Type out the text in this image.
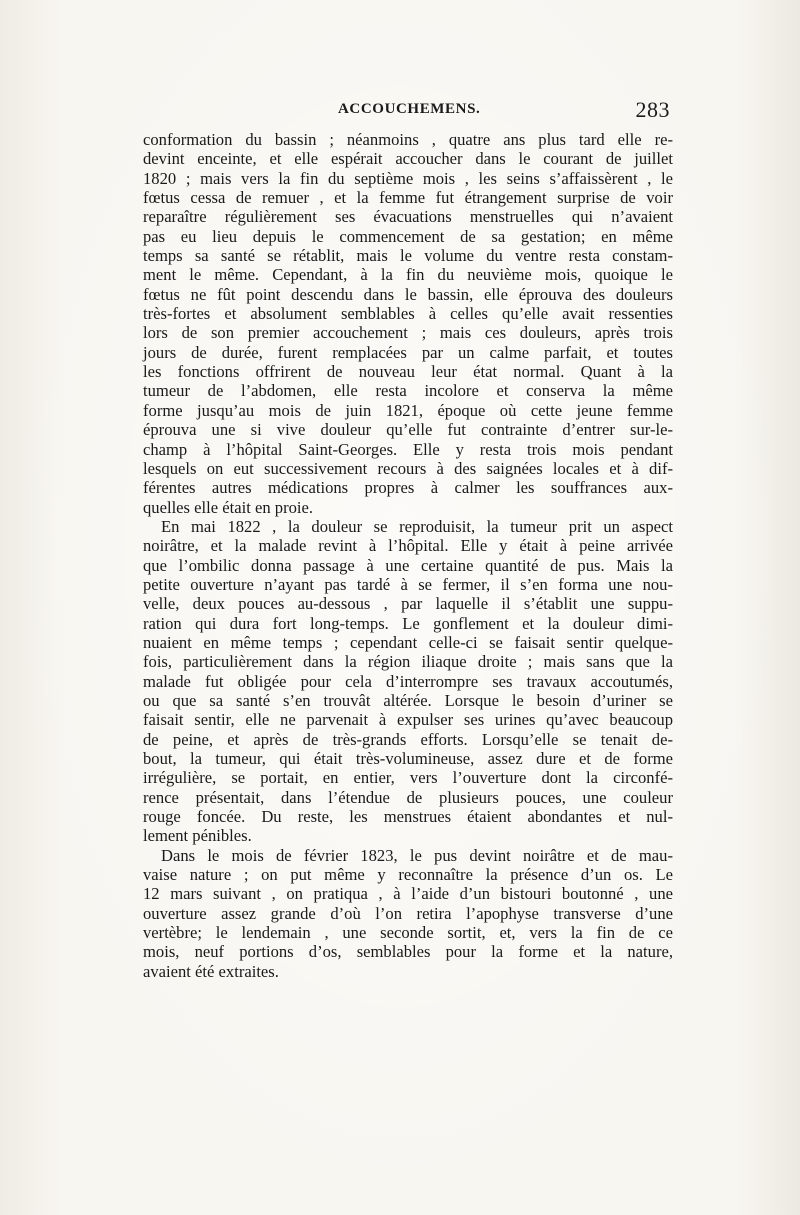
ACCOUCHEMENS.	283
conformation du bassin ; néanmoins , quatre ans plus tard elle re-
devint enceinte, et elle espérait accoucher dans le courant de juillet
1820 ; mais vers la fin du septième mois , les seins s’affaissèrent , le
fœtus cessa de remuer , et la femme fut étrangement surprise de voir
reparaître régulièrement ses évacuations menstruelles qui n’avaient
pas eu lieu depuis le commencement de sa gestation; en même
temps sa santé se rétablit, mais le volume du ventre resta constam-
ment le même. Cependant, à la fin du neuvième mois, quoique le
fœtus ne fût point descendu dans le bassin, elle éprouva des douleurs
très-fortes et absolument semblables à celles qu’elle avait ressenties
lors de son premier accouchement ; mais ces douleurs, après trois
jours de durée, furent remplacées par un calme parfait, et toutes
les fonctions offrirent de nouveau leur état normal. Quant à la
tumeur de l’abdomen, elle resta incolore et conserva la même
forme jusqu’au mois de juin 1821, époque où cette jeune femme
éprouva une si vive douleur qu’elle fut contrainte d’entrer sur-le-
champ à l’hôpital Saint-Georges. Elle y resta trois mois pendant
lesquels on eut successivement recours à des saignées locales et à dif-
férentes autres médications propres à calmer les souffrances aux-
quelles elle était en proie.
En mai 1822 , la douleur se reproduisit, la tumeur prit un aspect
noirâtre, et la malade revint à l’hôpital. Elle y était à peine arrivée
que l’ombilic donna passage à une certaine quantité de pus. Mais la
petite ouverture n’ayant pas tardé à se fermer, il s’en forma une nou-
velle, deux pouces au-dessous , par laquelle il s’établit une suppu-
ration qui dura fort long-temps. Le gonflement et la douleur dimi-
nuaient en même temps ; cependant celle-ci se faisait sentir quelque-
fois, particulièrement dans la région iliaque droite ; mais sans que la
malade fut obligée pour cela d’interrompre ses travaux accoutumés,
ou que sa santé s’en trouvât altérée. Lorsque le besoin d’uriner se
faisait sentir, elle ne parvenait à expulser ses urines qu’avec beaucoup
de peine, et après de très-grands efforts. Lorsqu’elle se tenait de-
bout, la tumeur, qui était très-volumineuse, assez dure et de forme
irrégulière, se portait, en entier, vers l’ouverture dont la circonfé-
rence présentait, dans l’étendue de plusieurs pouces, une couleur
rouge foncée. Du reste, les menstrues étaient abondantes et nul-
lement pénibles.
Dans le mois de février 1823, le pus devint noirâtre et de mau-
vaise nature ; on put même y reconnaître la présence d’un os. Le
12 mars suivant , on pratiqua , à l’aide d’un bistouri boutonné , une
ouverture assez grande d’où l’on retira l’apophyse transverse d’une
vertèbre; le lendemain , une seconde sortit, et, vers la fin de ce
mois, neuf portions d’os, semblables pour la forme et la nature,
avaient été extraites.
